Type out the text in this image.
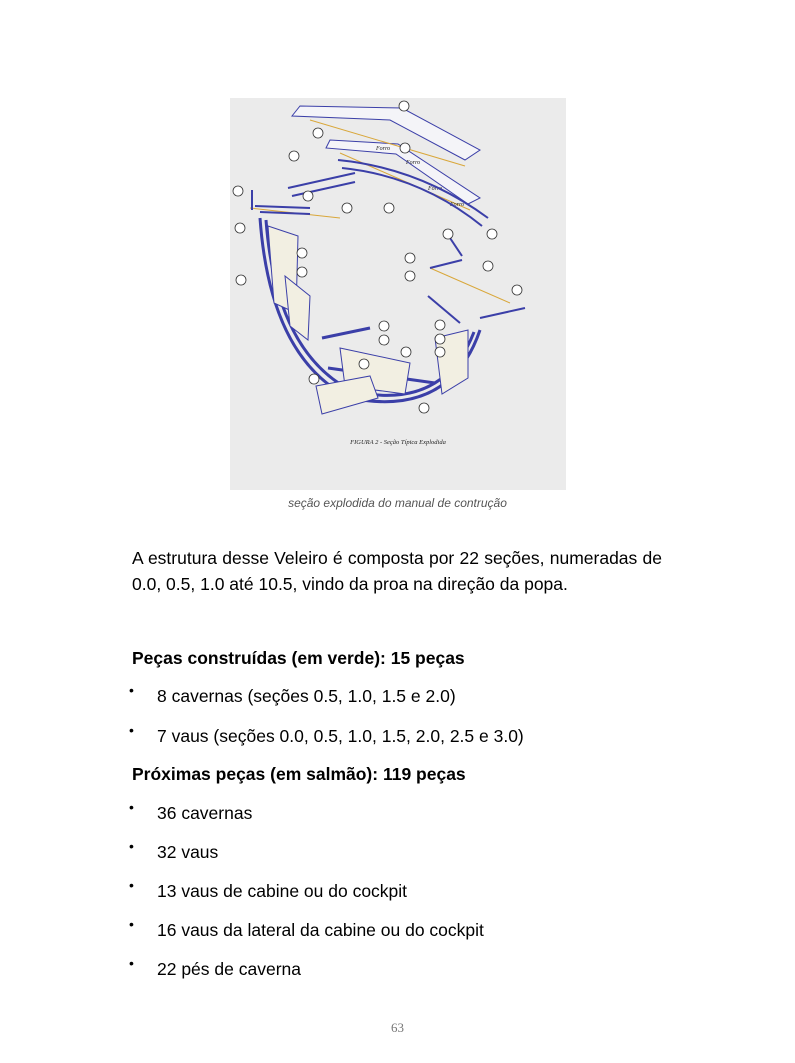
Forro
Forro
Forro
Forro
FIGURA 2 - Seção Típica Explodida
seção explodida do manual de contrução

A estrutura desse Veleiro é composta por 22 seções, numeradas de 0.0, 0.5, 1.0 até 10.5, vindo da proa na direção da popa.

Peças construídas (em verde): 15 peças

• 8 cavernas (seções 0.5, 1.0, 1.5 e 2.0)
• 7 vaus (seções 0.0, 0.5, 1.0, 1.5, 2.0, 2.5 e 3.0)

Próximas peças (em salmão): 119 peças

• 36 cavernas
• 32 vaus
• 13 vaus de cabine ou do cockpit
• 16 vaus da lateral da cabine ou do cockpit
• 22 pés de caverna
63
